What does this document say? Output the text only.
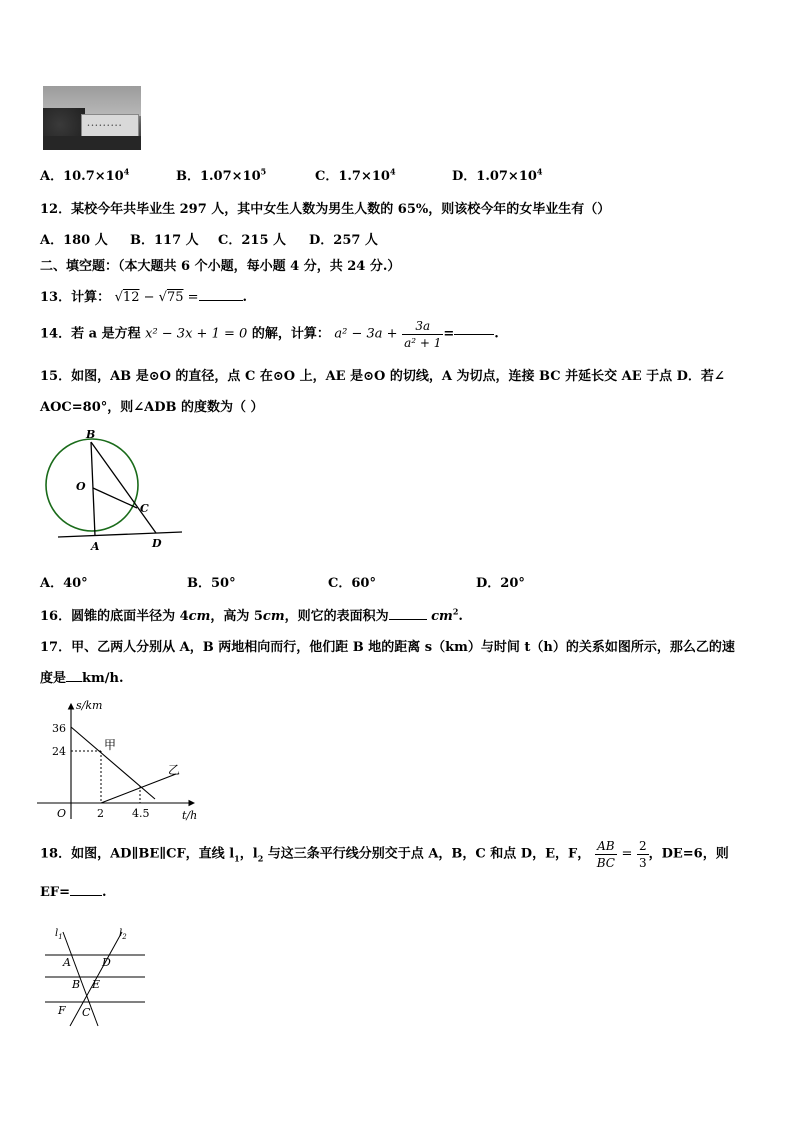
•••••••••
A．$10.7\times 10^4$	B．$1.07\times 10^5$	C．$1.7\times 10^4$	D．$1.07\times 10^4$
12．某校今年共毕业生 297 人，其中女生人数为男生人数的 65%，则该校今年的女毕业生有（）
A．180 人 B．117 人 C．215 人 D．257 人
二、填空题：（本大题共 6 个小题，每小题 4 分，共 24 分.）
13．计算： √12 − √75 =	.
14．若 a 是方程 x² − 3x + 1 = 0 的解，计算： $a^2 - 3a + \frac{3a}{\text{a² + 1}}$ =	.
15．如图，AB 是⊙O 的直径，点 C 在⊙O 上，AE 是⊙O 的切线，A 为切点，连接 BC 并延长交 AE 于点 D．若∠
AOC=80°，则∠ADB 的度数为（ ）
B
O
C
A	D
A．40°	B．50°	C．60°	D．20°
16．圆锥的底面半径为 4cm，高为 5cm，则它的表面积为	$cm^2$.
17．甲、乙两人分别从 A，B 两地相向而行，他们距 B 地的距离 s（km）与时间 t（h）的关系如图所示，那么乙的速
度是 km/h.
s/km
t/h
36
24
O	2	4.5
甲
乙
18．如图，AD∥BE∥CF，直线 $l_1$，$l_2$ 与这三条平行线分别交于点 A，B，C 和点 D，E，F， $\frac{AB}{BC} = \frac{2}{3}$ ，DE=6，则
EF= .
$l_1$	$l_2$
A	D
B E
F C
